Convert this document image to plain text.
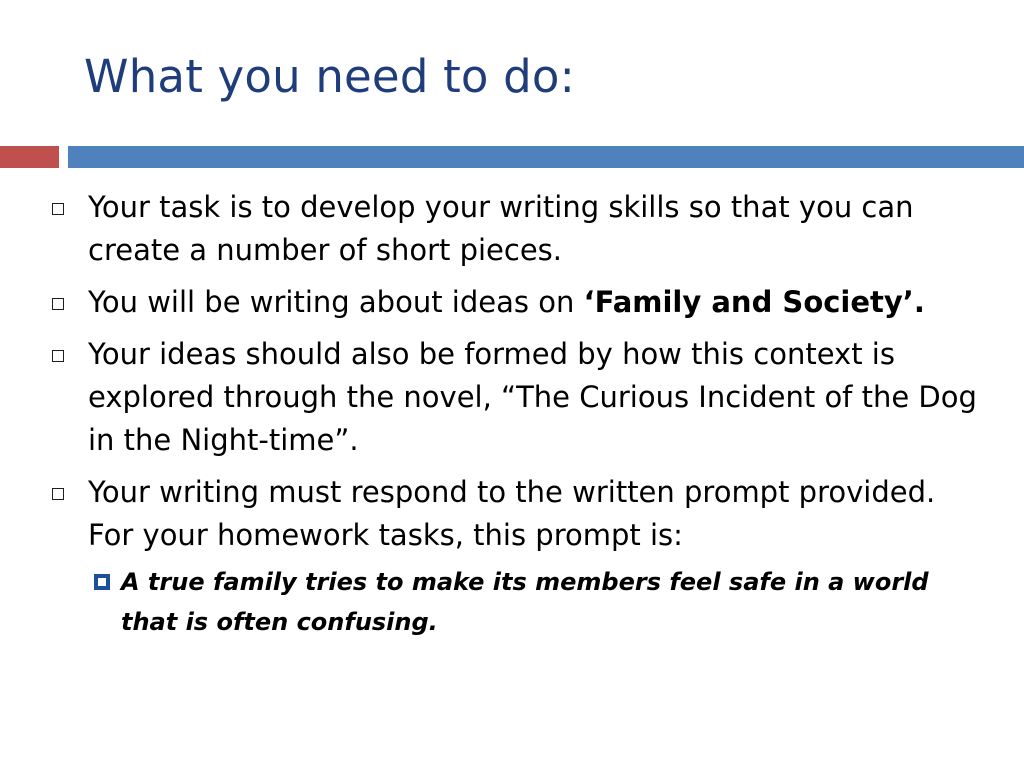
What you need to do:
Your task is to develop your writing skills so that you can create a number of short pieces.
You will be writing about ideas on ‘Family and Society’.
Your ideas should also be formed by how this context is explored through the novel, “The Curious Incident of the Dog in the Night-time”.
Your writing must respond to the written prompt provided. For your homework tasks, this prompt is:
A true family tries to make its members feel safe in a world that is often confusing.
